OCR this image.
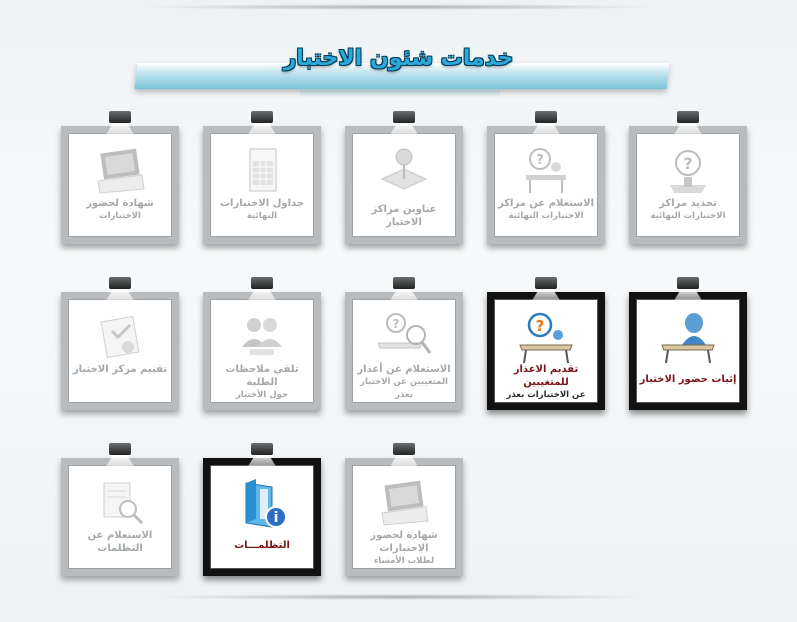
خدمات شئون الاختبار
?
تحديد مراكز
الاختبارات النهائية
?
الاستعلام عن مراكز
الاختبارات النهائية
عناوين مراكز الاختبار
جداول الاختبارات
النهائية
شهادة لحضور
الاختبارات
إثبات حضور الاختبار
?
تقديم الاعذار للمتغيبين
عن الاختبارات بعذر
?
الاستعلام عن أعذار
المتغيبين عن الاختبار بعذر
تلقي ملاحظات الطلبة
حول الأختبار
تقييم مركز الاختبار
الاستعلام عن التظلمات
i
التظلمـــات
شهادة لحضور الاختبارات
لطلاب الأمساء
